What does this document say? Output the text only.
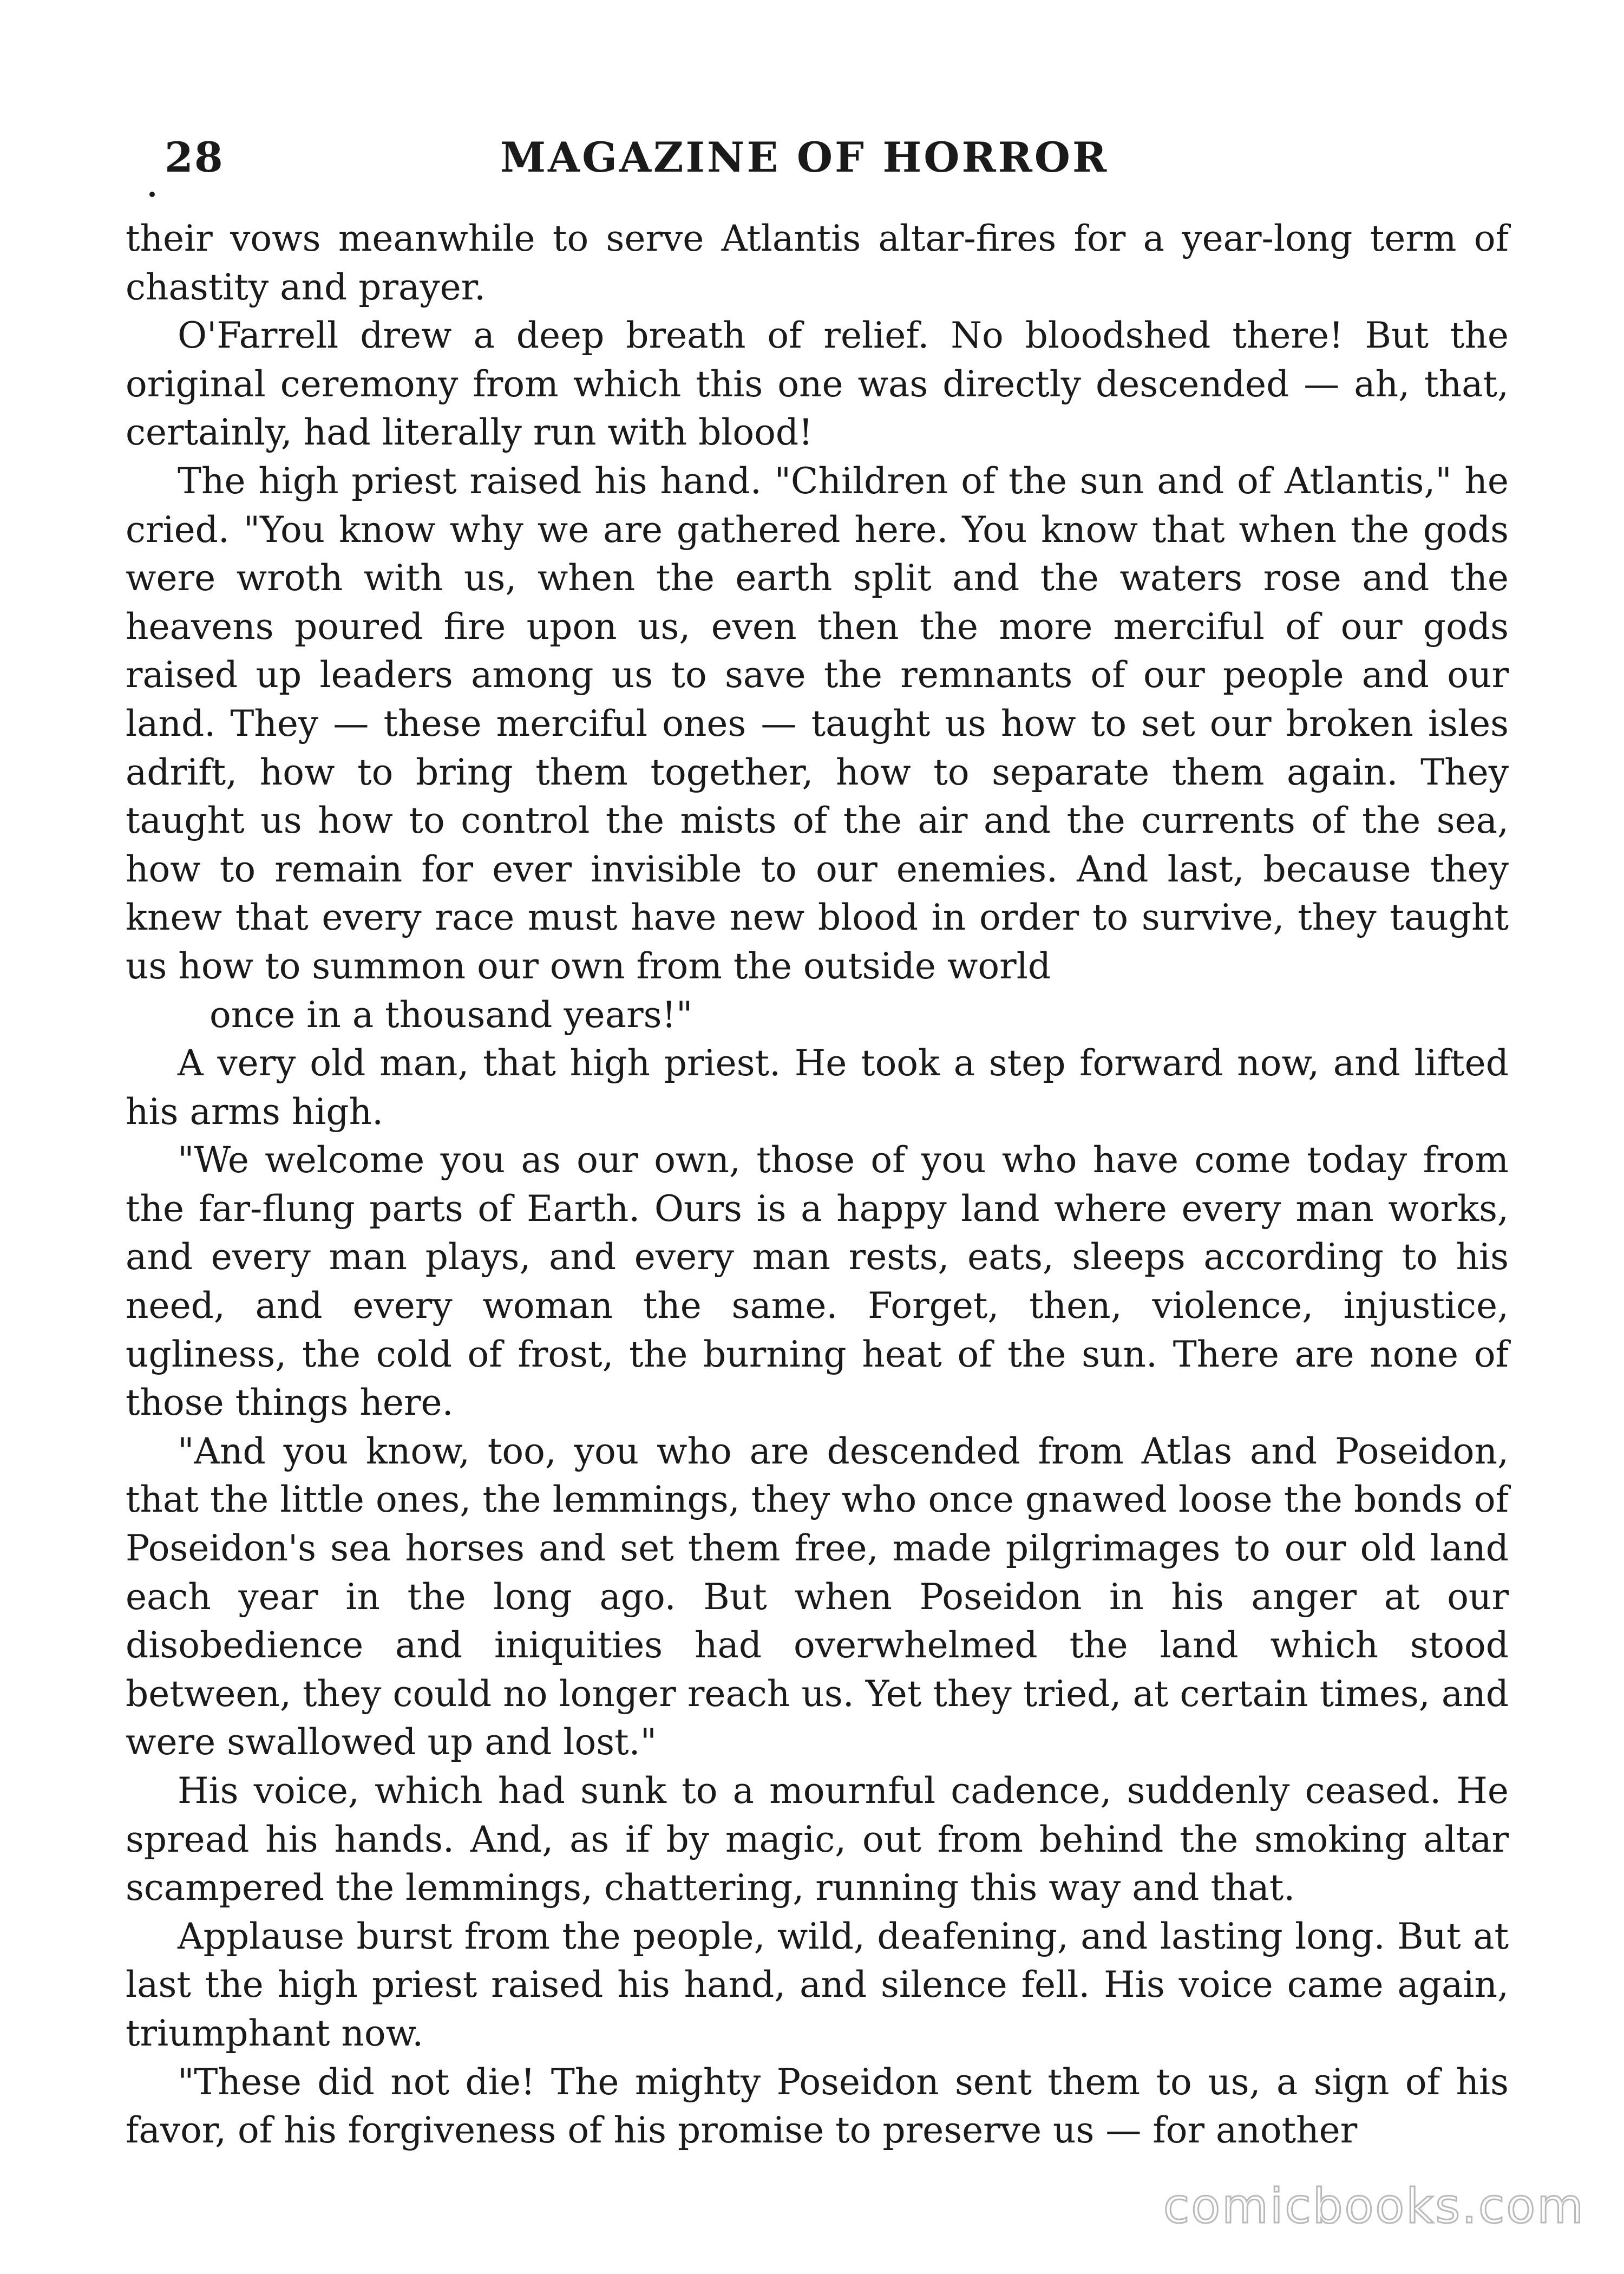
28	MAGAZINE OF HORROR

their vows meanwhile to serve Atlantis altar-fires for a year-long term of chastity and prayer.

O'Farrell drew a deep breath of relief. No bloodshed there! But the original ceremony from which this one was directly descended — ah, that, certainly, had literally run with blood!

The high priest raised his hand. "Children of the sun and of Atlantis," he cried. "You know why we are gathered here. You know that when the gods were wroth with us, when the earth split and the waters rose and the heavens poured fire upon us, even then the more merciful of our gods raised up leaders among us to save the remnants of our people and our land. They — these merciful ones — taught us how to set our broken isles adrift, how to bring them together, how to separate them again. They taught us how to control the mists of the air and the currents of the sea, how to remain for ever invisible to our enemies. And last, because they knew that every race must have new blood in order to survive, they taught us how to summon our own from the outside world

once in a thousand years!"

A very old man, that high priest. He took a step forward now, and lifted his arms high.

"We welcome you as our own, those of you who have come today from the far-flung parts of Earth. Ours is a happy land where every man works, and every man plays, and every man rests, eats, sleeps according to his need, and every woman the same. Forget, then, violence, injustice, ugliness, the cold of frost, the burning heat of the sun. There are none of those things here.

"And you know, too, you who are descended from Atlas and Poseidon, that the little ones, the lemmings, they who once gnawed loose the bonds of Poseidon's sea horses and set them free, made pilgrimages to our old land each year in the long ago. But when Poseidon in his anger at our disobedience and iniquities had overwhelmed the land which stood between, they could no longer reach us. Yet they tried, at certain times, and were swallowed up and lost."

His voice, which had sunk to a mournful cadence, suddenly ceased. He spread his hands. And, as if by magic, out from behind the smoking altar scampered the lemmings, chattering, running this way and that.

Applause burst from the people, wild, deafening, and lasting long. But at last the high priest raised his hand, and silence fell. His voice came again, triumphant now.

"These did not die! The mighty Poseidon sent them to us, a sign of his favor, of his forgiveness of his promise to preserve us — for another

comicbooks.com
